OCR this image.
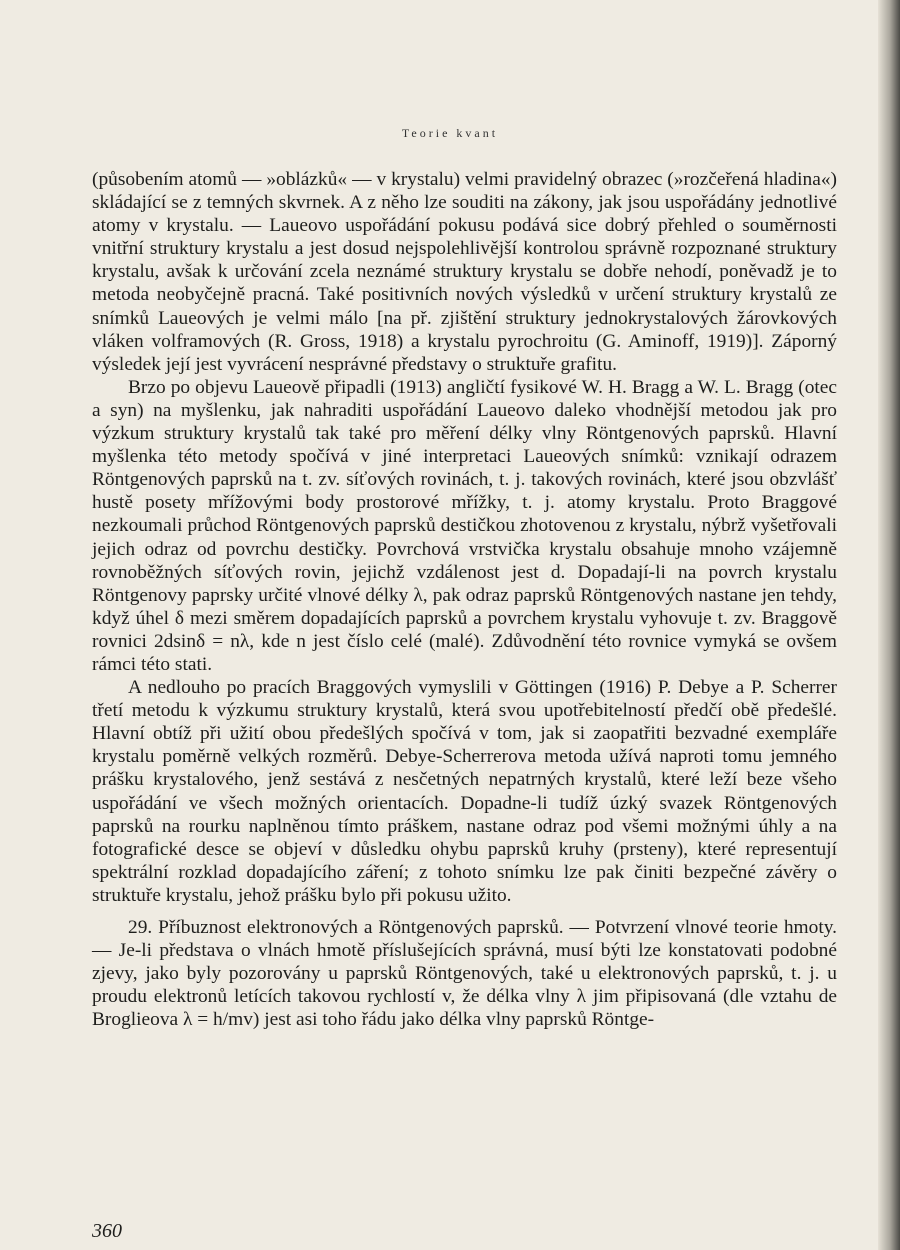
Teorie kvant

(působením atomů — »oblázků« — v krystalu) velmi pravidelný obrazec (»rozčeřená hladina«) skládající se z temných skvrnek. A z něho lze souditi na zákony, jak jsou uspořádány jednotlivé atomy v krystalu. — Laueovo uspořádání pokusu podává sice dobrý přehled o souměrnosti vnitřní struktury krystalu a jest dosud nejspolehlivější kontrolou správně rozpoznané struktury krystalu, avšak k určování zcela neznámé struktury krystalu se dobře nehodí, poněvadž je to metoda neobyčejně pracná. Také positivních nových výsledků v určení struktury krystalů ze snímků Laueových je velmi málo [na př. zjištění struktury jednokrystalových žárovkových vláken volframových (R. Gross, 1918) a krystalu pyrochroitu (G. Aminoff, 1919)]. Záporný výsledek její jest vyvrácení nesprávné představy o struktuře grafitu.

Brzo po objevu Laueově připadli (1913) angličtí fysikové W. H. Bragg a W. L. Bragg (otec a syn) na myšlenku, jak nahraditi uspořádání Laueovo daleko vhodnější metodou jak pro výzkum struktury krystalů tak také pro měření délky vlny Röntgenových paprsků. Hlavní myšlenka této metody spočívá v jiné interpretaci Laueových snímků: vznikají odrazem Röntgenových paprsků na t. zv. síťových rovinách, t. j. takových rovinách, které jsou obzvlášť hustě posety mřížovými body prostorové mřížky, t. j. atomy krystalu. Proto Braggové nezkoumali průchod Röntgenových paprsků destičkou zhotovenou z krystalu, nýbrž vyšetřovali jejich odraz od povrchu destičky. Povrchová vrstvička krystalu obsahuje mnoho vzájemně rovnoběžných síťových rovin, jejichž vzdálenost jest d. Dopadají-li na povrch krystalu Röntgenovy paprsky určité vlnové délky λ, pak odraz paprsků Röntgenových nastane jen tehdy, když úhel δ mezi směrem dopadajících paprsků a povrchem krystalu vyhovuje t. zv. Braggově rovnici 2dsinδ = nλ, kde n jest číslo celé (malé). Zdůvodnění této rovnice vymyká se ovšem rámci této stati.

A nedlouho po pracích Braggových vymyslili v Göttingen (1916) P. Debye a P. Scherrer třetí metodu k výzkumu struktury krystalů, která svou upotřebitelností předčí obě předešlé. Hlavní obtíž při užití obou předešlých spočívá v tom, jak si zaopatřiti bezvadné exempláře krystalu poměrně velkých rozměrů. Debye-Scherrerova metoda užívá naproti tomu jemného prášku krystalového, jenž sestává z nesčetných nepatrných krystalů, které leží beze všeho uspořádání ve všech možných orientacích. Dopadne-li tudíž úzký svazek Röntgenových paprsků na rourku naplněnou tímto práškem, nastane odraz pod všemi možnými úhly a na fotografické desce se objeví v důsledku ohybu paprsků kruhy (prsteny), které representují spektrální rozklad dopadajícího záření; z tohoto snímku lze pak činiti bezpečné závěry o struktuře krystalu, jehož prášku bylo při pokusu užito.

29. Příbuznost elektronových a Röntgenových paprsků. — Potvrzení vlnové teorie hmoty. — Je-li představa o vlnách hmotě příslušejících správná, musí býti lze konstatovati podobné zjevy, jako byly pozorovány u paprsků Röntgenových, také u elektronových paprsků, t. j. u proudu elektronů letících takovou rychlostí v, že délka vlny λ jim připisovaná (dle vztahu de Broglieova λ = h/mv) jest asi toho řádu jako délka vlny paprsků Röntge-

360
